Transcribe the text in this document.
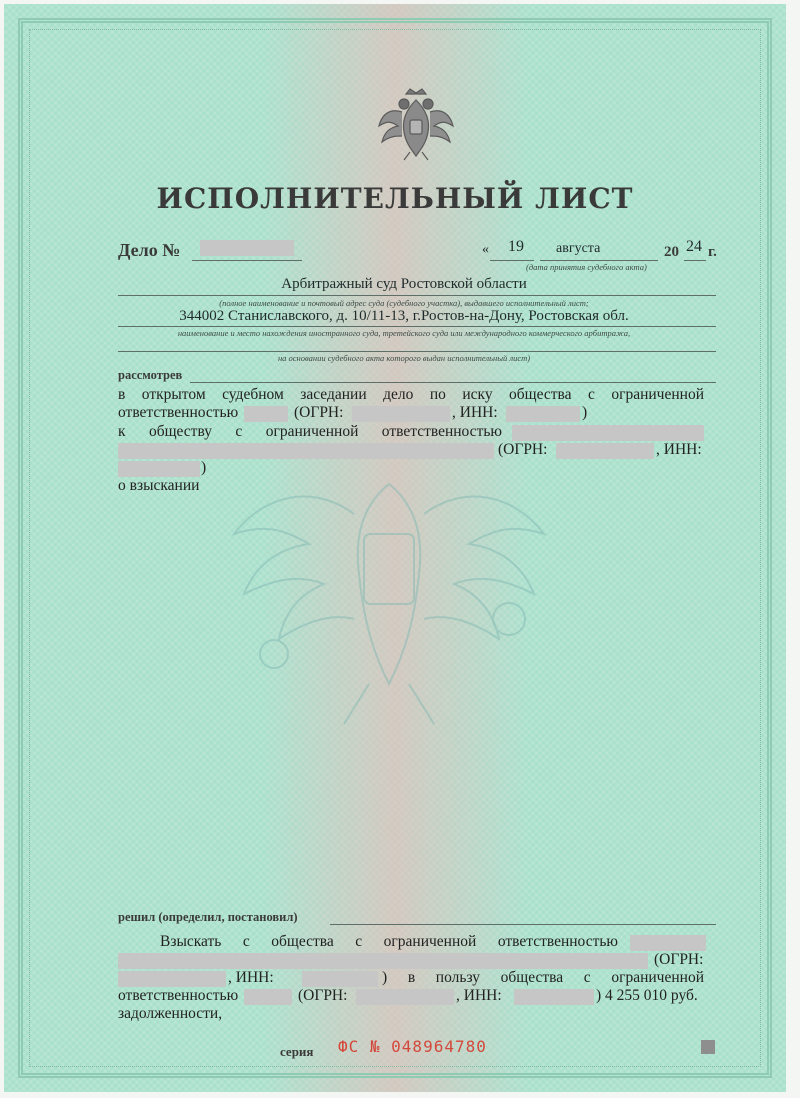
ИСПОЛНИТЕЛЬНЫЙ ЛИСТ
Дело №	« 19 августа	20 24 г.
(дата принятия судебного акта)
Арбитражный суд Ростовской области
(полное наименование и почтовый адрес суда (судебного участка), выдавшего исполнительный лист;
344002 Станиславского, д. 10/11-13, г.Ростов-на-Дону, Ростовская обл.
наименование и место нахождения иностранного суда, третейского суда или международного коммерческого арбитража,
на основании судебного акта которого выдан исполнительный лист)
рассмотрев
в открытом судебном заседании дело по иску общества с ограниченной
ответственностью	(ОГРН:	, ИНН:	)
к обществу с ограниченной ответственностью
(ОГРН:	, ИНН:
)
о взыскании
решил (определил, постановил)
Взыскать с общества с ограниченной ответственностью
(ОГРН:
, ИНН:	) в пользу общества с ограниченной
ответственностью	(ОГРН:	, ИНН:	) 4 255 010 руб.
задолженности,
серия ФС № 048964780
